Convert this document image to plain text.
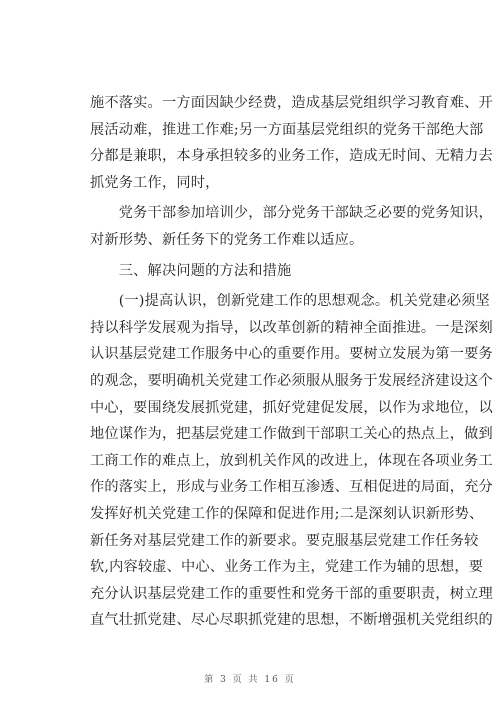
施不落实。一方面因缺少经费，造成基层党组织学习教育难、开
展活动难，推进工作难;另一方面基层党组织的党务干部绝大部
分都是兼职，本身承担较多的业务工作，造成无时间、无精力去
抓党务工作，同时，
　　党务干部参加培训少，部分党务干部缺乏必要的党务知识，
对新形势、新任务下的党务工作难以适应。
　　三、解决问题的方法和措施
　　(一)提高认识，创新党建工作的思想观念。机关党建必须坚
持以科学发展观为指导，以改革创新的精神全面推进。一是深刻
认识基层党建工作服务中心的重要作用。要树立发展为第一要务
的观念，要明确机关党建工作必须服从服务于发展经济建设这个
中心，要围绕发展抓党建，抓好党建促发展，以作为求地位，以
地位谋作为，把基层党建工作做到干部职工关心的热点上，做到
工商工作的难点上，放到机关作风的改进上，体现在各项业务工
作的落实上，形成与业务工作相互渗透、互相促进的局面，充分
发挥好机关党建工作的保障和促进作用;二是深刻认识新形势、
新任务对基层党建工作的新要求。要克服基层党建工作任务较
软,内容较虚、中心、业务工作为主，党建工作为辅的思想，要
充分认识基层党建工作的重要性和党务干部的重要职责，树立理
直气壮抓党建、尽心尽职抓党建的思想，不断增强机关党组织的
第 3 页 共 16 页
